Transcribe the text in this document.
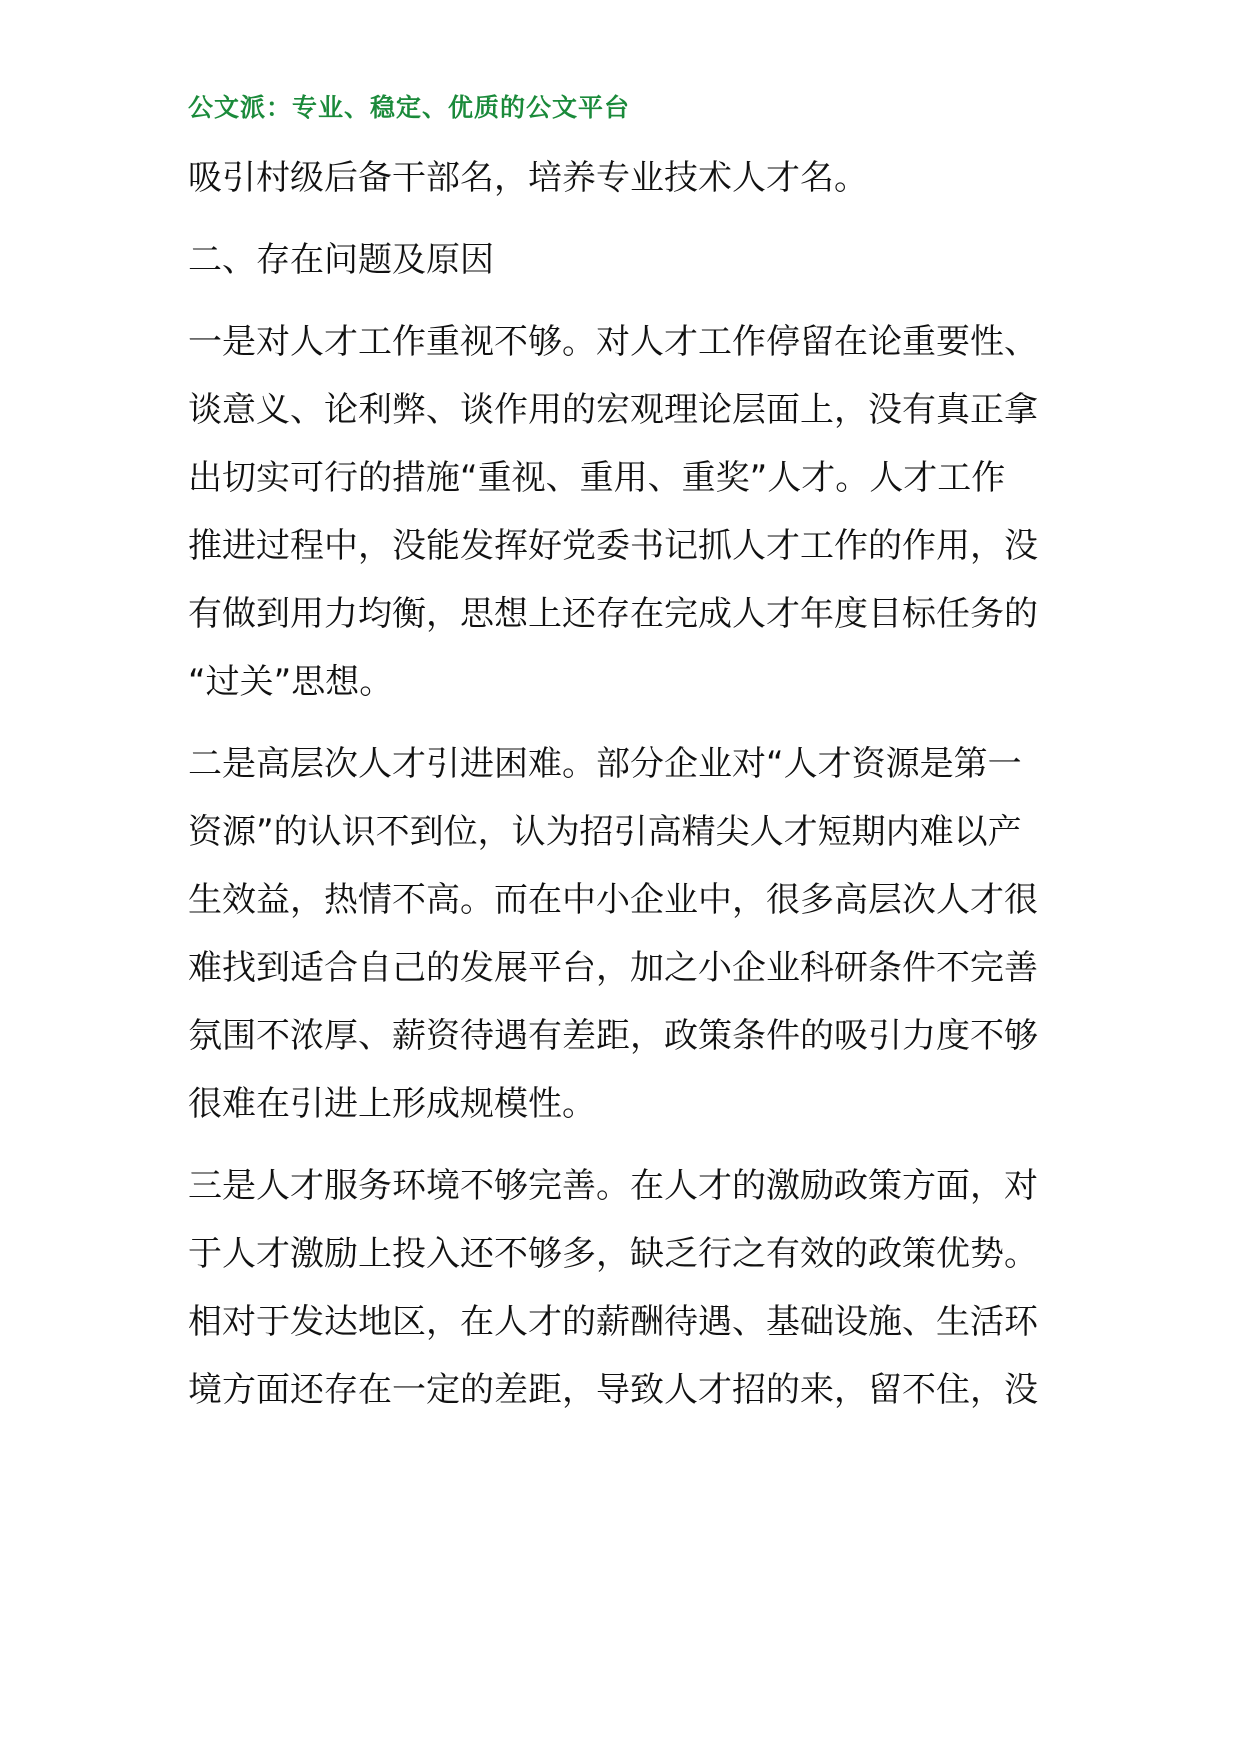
公文派：专业、稳定、优质的公文平台
吸引村级后备干部名，培养专业技术人才名。
二、存在问题及原因
一是对人才工作重视不够。对人才工作停留在论重要性、
谈意义、论利弊、谈作用的宏观理论层面上，没有真正拿
出切实可行的措施“重视、重用、重奖”人才。人才工作
推进过程中，没能发挥好党委书记抓人才工作的作用，没
有做到用力均衡，思想上还存在完成人才年度目标任务的
“过关”思想。
二是高层次人才引进困难。部分企业对“人才资源是第一
资源”的认识不到位，认为招引高精尖人才短期内难以产
生效益，热情不高。而在中小企业中，很多高层次人才很
难找到适合自己的发展平台，加之小企业科研条件不完善
氛围不浓厚、薪资待遇有差距，政策条件的吸引力度不够
很难在引进上形成规模性。
三是人才服务环境不够完善。在人才的激励政策方面，对
于人才激励上投入还不够多，缺乏行之有效的政策优势。
相对于发达地区，在人才的薪酬待遇、基础设施、生活环
境方面还存在一定的差距，导致人才招的来，留不住，没
